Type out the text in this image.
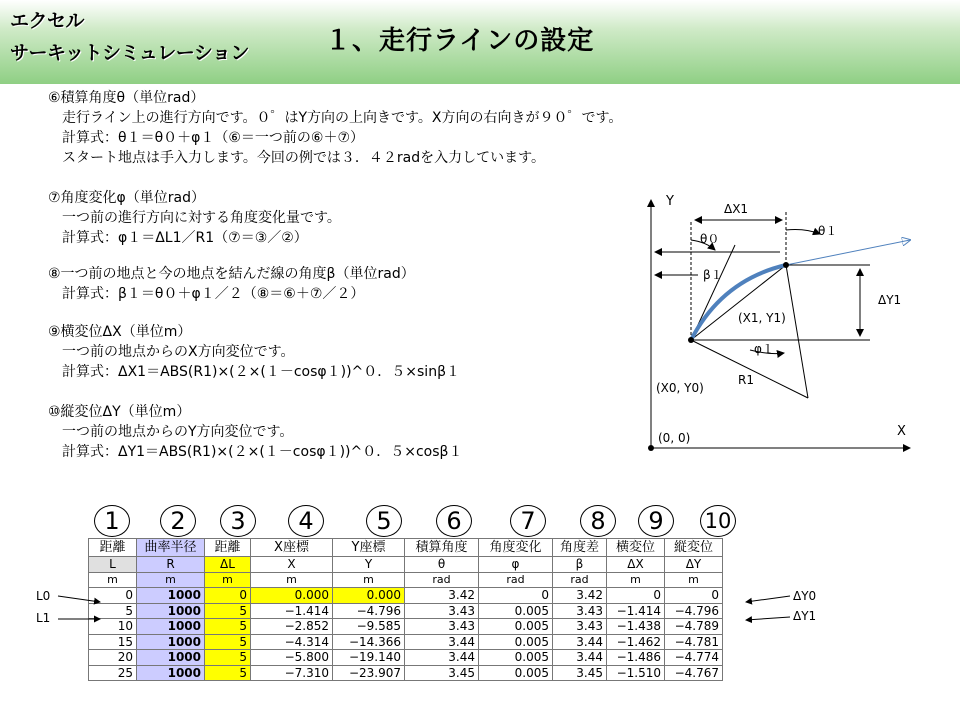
エクセル
サーキットシミュレーション	１、走行ラインの設定
⑥積算角度θ（単位rad）
走行ライン上の進行方向です。０゜はY方向の上向きです。X方向の右向きが９０゜です。
計算式：θ１＝θ０＋φ１（⑥＝一つ前の⑥＋⑦）
スタート地点は手入力します。今回の例では３．４２radを入力しています。
⑦角度変化φ（単位rad）
一つ前の進行方向に対する角度変化量です。
計算式：φ１＝ΔL1／R1（⑦＝③／②）
⑧一つ前の地点と今の地点を結んだ線の角度β（単位rad）
計算式：β１＝θ０＋φ１／２（⑧＝⑥＋⑦／２）
⑨横変位ΔX（単位m）
一つ前の地点からのX方向変位です。
計算式：ΔX1＝ABS(R1)×(２×(１－cosφ１))^０．５×sinβ１
⑩縦変位ΔY（単位m）
一つ前の地点からのY方向変位です。
計算式：ΔY1＝ABS(R1)×(２×(１－cosφ１))^０．５×cosβ１
Y
X
(0, 0)
ΔX1
ΔY1
θ１
θ０
β１
φ１
(X1, Y1)
(X0, Y0)
R1
1	2	3	4	5	6	7	8	9	10
距離	曲率半径	距離	X座標	Y座標	積算角度	角度変化	角度差	横変位	縦変位
L	R	ΔL	X	Y	θ	φ	β	ΔX	ΔY
m	m	m	m	m	rad	rad	rad	m	m
0	1000	0	0.000	0.000	3.42	0	3.42	0	0
5	1000	5	−1.414	−4.796	3.43	0.005	3.43	−1.414	−4.796
10	1000	5	−2.852	−9.585	3.43	0.005	3.43	−1.438	−4.789
15	1000	5	−4.314	−14.366	3.44	0.005	3.44	−1.462	−4.781
20	1000	5	−5.800	−19.140	3.44	0.005	3.44	−1.486	−4.774
25	1000	5	−7.310	−23.907	3.45	0.005	3.45	−1.510	−4.767
L0
L1
ΔY0
ΔY1
